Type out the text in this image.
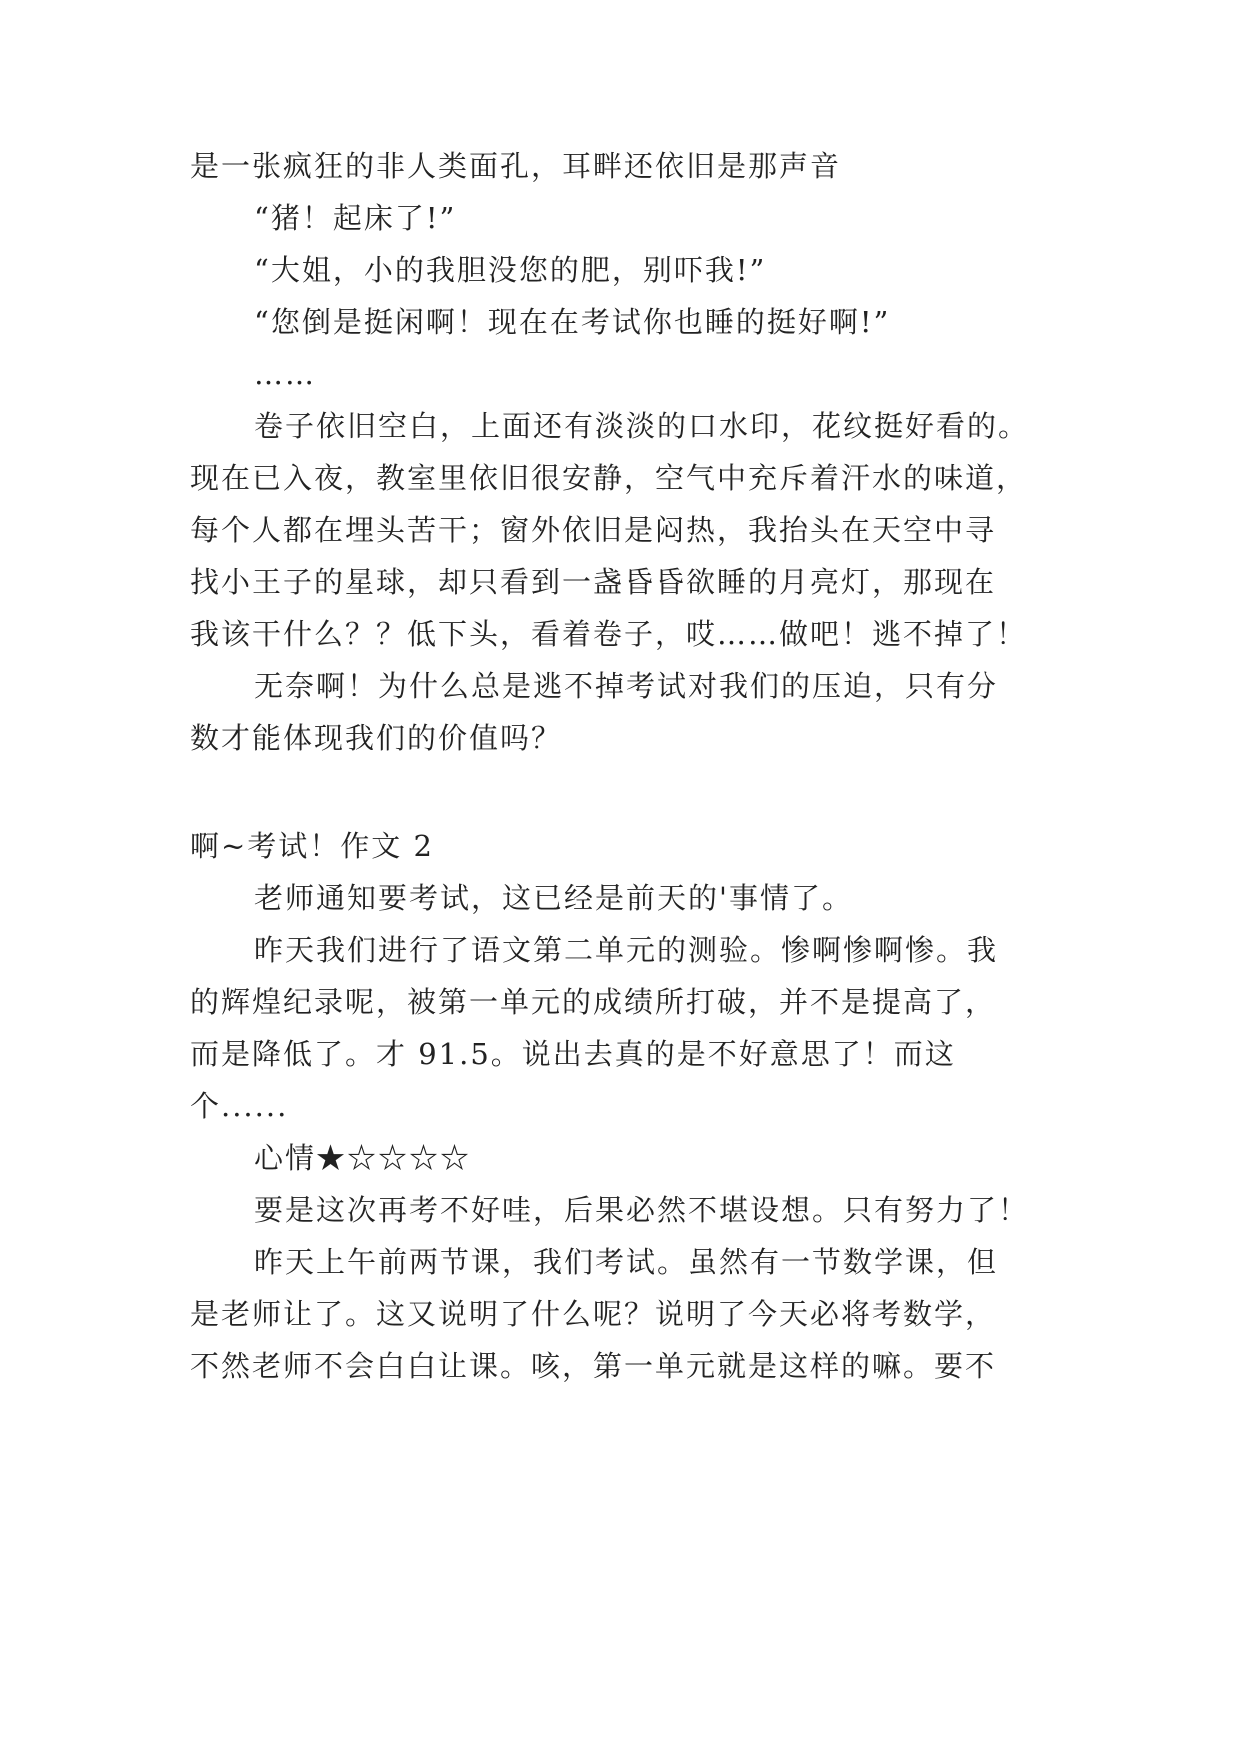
是一张疯狂的非人类面孔，耳畔还依旧是那声音
“猪！起床了!”
“大姐，小的我胆没您的肥，别吓我!”
“您倒是挺闲啊！现在在考试你也睡的挺好啊!”
……
卷子依旧空白，上面还有淡淡的口水印，花纹挺好看的。
现在已入夜，教室里依旧很安静，空气中充斥着汗水的味道，
每个人都在埋头苦干；窗外依旧是闷热，我抬头在天空中寻
找小王子的星球，却只看到一盏昏昏欲睡的月亮灯，那现在
我该干什么？？低下头，看着卷子，哎……做吧！逃不掉了！
无奈啊！为什么总是逃不掉考试对我们的压迫，只有分
数才能体现我们的价值吗？
啊~考试！作文 2
老师通知要考试，这已经是前天的'事情了。
昨天我们进行了语文第二单元的测验。惨啊惨啊惨。我
的辉煌纪录呢，被第一单元的成绩所打破，并不是提高了，
而是降低了。才 91.5。说出去真的是不好意思了！而这
个......
心情★☆☆☆☆
要是这次再考不好哇，后果必然不堪设想。只有努力了！
昨天上午前两节课，我们考试。虽然有一节数学课，但
是老师让了。这又说明了什么呢？说明了今天必将考数学，
不然老师不会白白让课。咳，第一单元就是这样的嘛。要不
